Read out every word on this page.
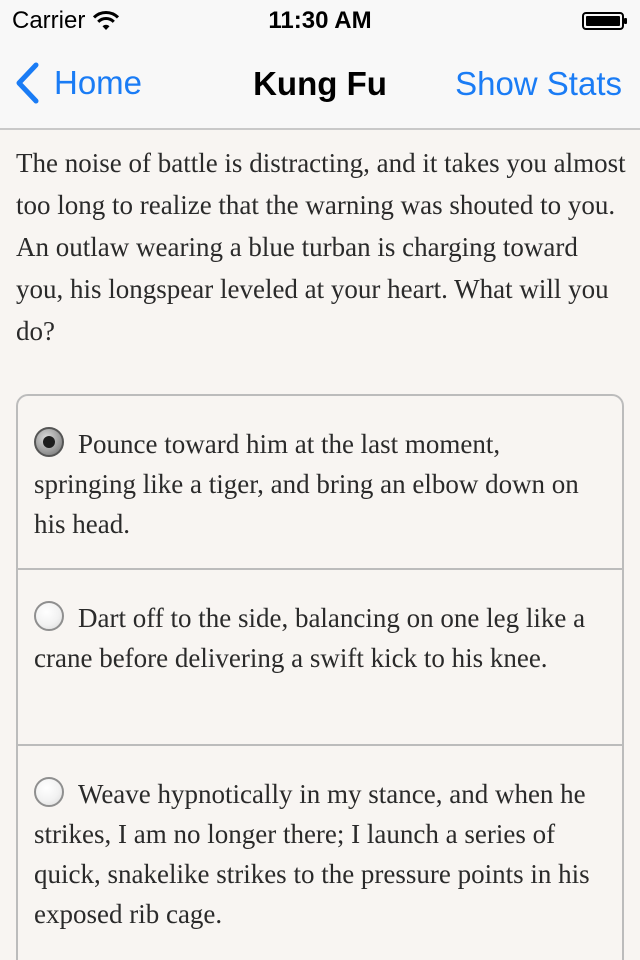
Carrier	11:30 AM
Home	Kung Fu	Show Stats

The noise of battle is distracting, and it takes you almost too long to realize that the warning was shouted to you. An outlaw wearing a blue turban is charging toward you, his longspear leveled at your heart. What will you do?

Pounce toward him at the last moment, springing like a tiger, and bring an elbow down on his head.
Dart off to the side, balancing on one leg like a crane before delivering a swift kick to his knee.
Weave hypnotically in my stance, and when he strikes, I am no longer there; I launch a series of quick, snakelike strikes to the pressure points in his exposed rib cage.
